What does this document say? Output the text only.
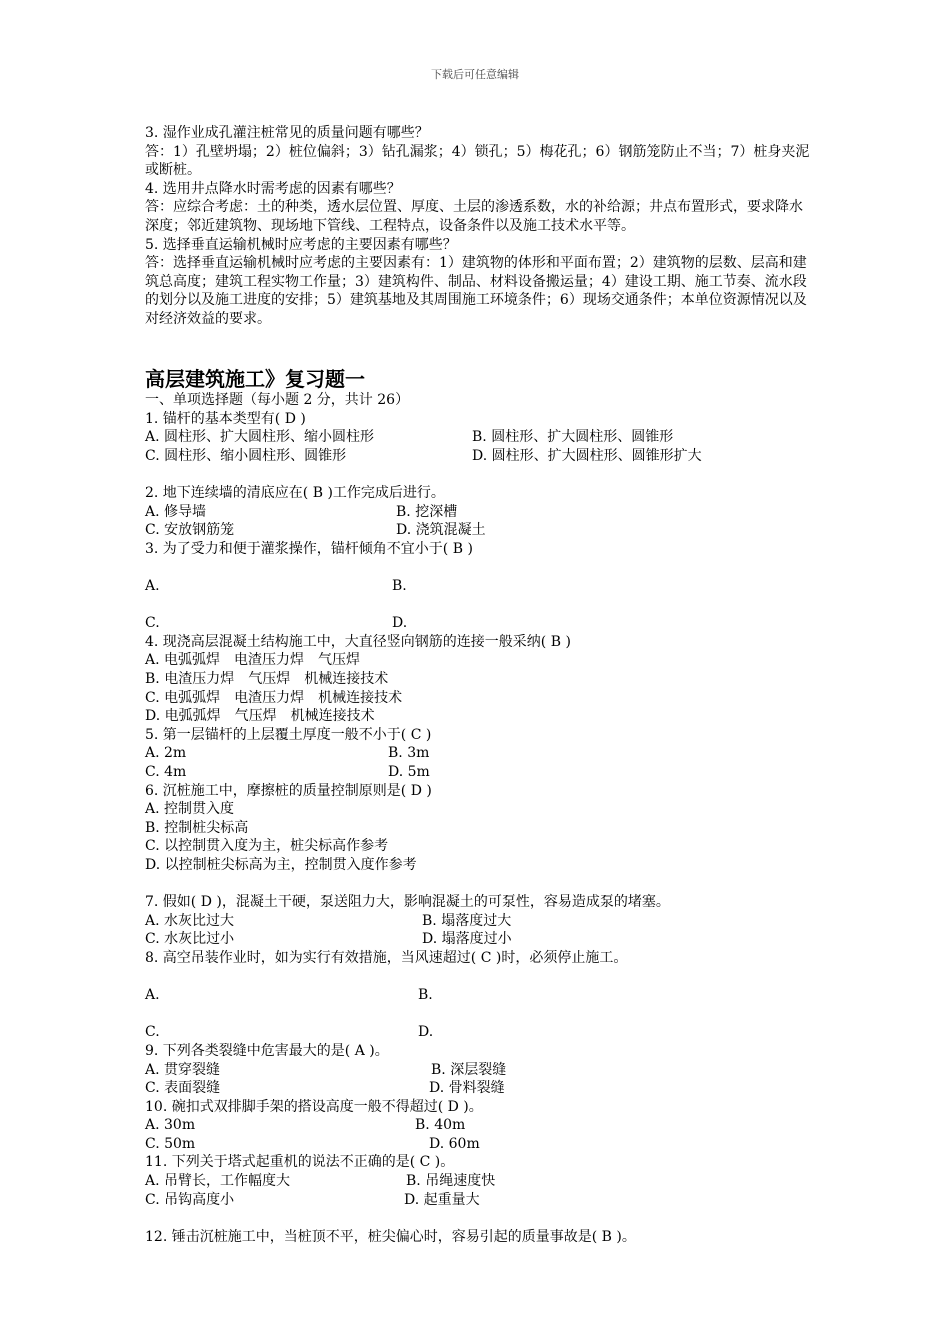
下载后可任意编辑

3. 湿作业成孔灌注桩常见的质量问题有哪些？

答：1）孔壁坍塌；2）桩位偏斜；3）钻孔漏浆；4）锁孔；5）梅花孔；6）钢筋笼防止不当；7）桩身夹泥或断桩。

4. 选用井点降水时需考虑的因素有哪些？

答：应综合考虑：土的种类，透水层位置、厚度、土层的渗透系数，水的补给源；井点布置形式，要求降水深度；邻近建筑物、现场地下管线、工程特点，设备条件以及施工技术水平等。

5. 选择垂直运输机械时应考虑的主要因素有哪些？

答：选择垂直运输机械时应考虑的主要因素有：1）建筑物的体形和平面布置；2）建筑物的层数、层高和建筑总高度；建筑工程实物工作量；3）建筑构件、制品、材料设备搬运量；4）建设工期、施工节奏、流水段的划分以及施工进度的安排；5）建筑基地及其周围施工环境条件；6）现场交通条件；本单位资源情况以及对经济效益的要求。

高层建筑施工》复习题一

一、单项选择题（每小题 2 分，共计 26）

1. 锚杆的基本类型有( D )

A. 圆柱形、扩大圆柱形、缩小圆柱形	B. 圆柱形、扩大圆柱形、圆锥形
C. 圆柱形、缩小圆柱形、圆锥形	D. 圆柱形、扩大圆柱形、圆锥形扩大

2. 地下连续墙的清底应在( B )工作完成后进行。

A. 修导墙	B. 挖深槽
C. 安放钢筋笼	D. 浇筑混凝土

3. 为了受力和便于灌浆操作，锚杆倾角不宜小于( B )

A.	B.
C.	D.

4. 现浇高层混凝土结构施工中，大直径竖向钢筋的连接一般采纳( B )

A. 电弧弧焊　电渣压力焊　气压焊

B. 电渣压力焊　气压焊　机械连接技术

C. 电弧弧焊　电渣压力焊　机械连接技术

D. 电弧弧焊　气压焊　机械连接技术

5. 第一层锚杆的上层覆土厚度一般不小于( C )

A. 2m	B. 3m
C. 4m	D. 5m

6. 沉桩施工中，摩擦桩的质量控制原则是( D )

A. 控制贯入度

B. 控制桩尖标高

C. 以控制贯入度为主，桩尖标高作参考

D. 以控制桩尖标高为主，控制贯入度作参考

7. 假如( D )，混凝土干硬，泵送阻力大，影响混凝土的可泵性，容易造成泵的堵塞。

A. 水灰比过大	B. 塌落度过大
C. 水灰比过小	D. 塌落度过小

8. 高空吊装作业时，如为实行有效措施，当风速超过( C )时，必须停止施工。

A.	B.
C.	D.

9. 下列各类裂缝中危害最大的是( A )。

A. 贯穿裂缝	B. 深层裂缝
C. 表面裂缝	D. 骨料裂缝

10. 碗扣式双排脚手架的搭设高度一般不得超过( D )。

A. 30m	B. 40m
C. 50m	D. 60m

11. 下列关于塔式起重机的说法不正确的是( C )。

A. 吊臂长，工作幅度大	B. 吊绳速度快
C. 吊钩高度小	D. 起重量大

12. 锤击沉桩施工中，当桩顶不平，桩尖偏心时，容易引起的质量事故是( B )。
